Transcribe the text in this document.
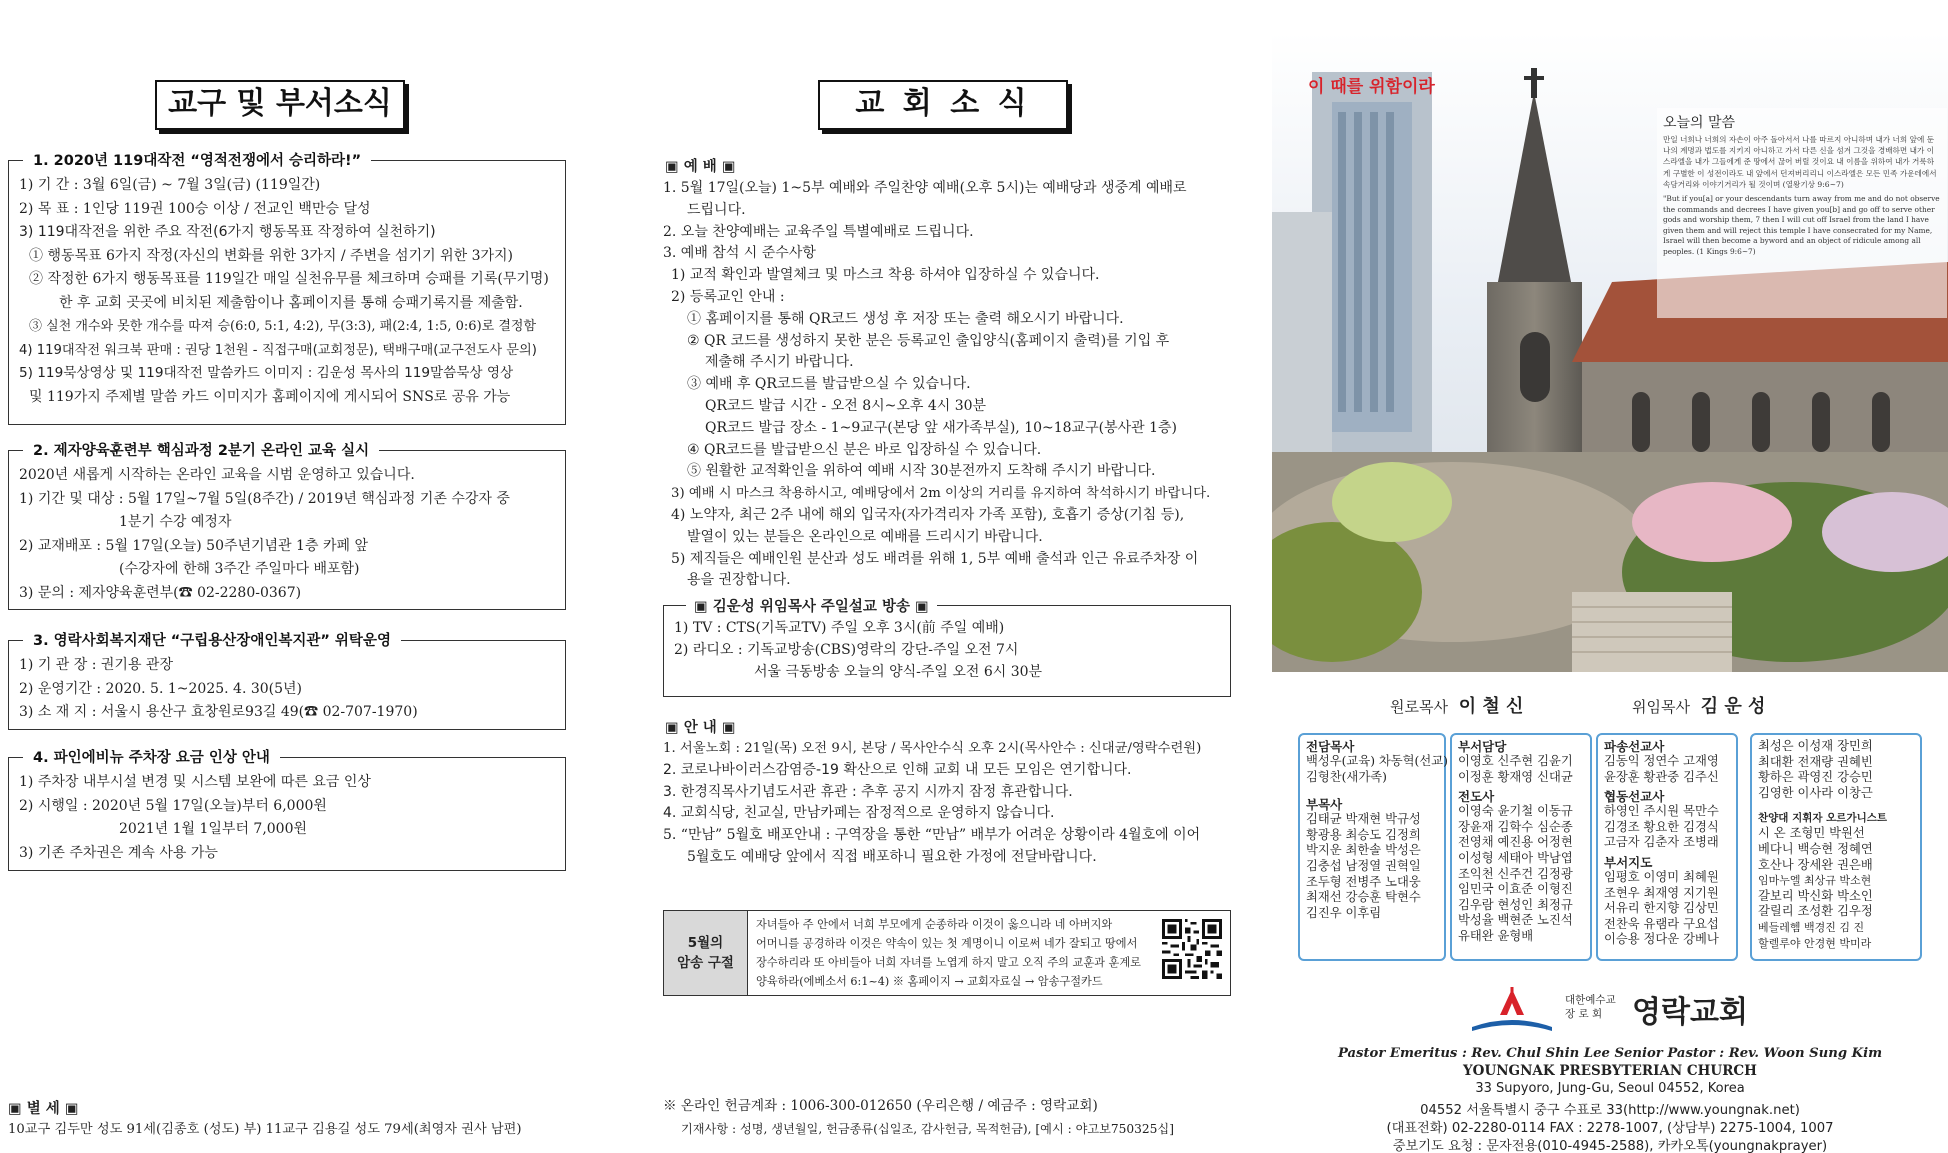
교구 및 부서소식
1. 2020년 119대작전 “영적전쟁에서 승리하라!”
1) 기 간 : 3월 6일(금) ~ 7월 3일(금) (119일간)
2) 목 표 : 1인당 119권 100승 이상 / 전교인 백만승 달성
3) 119대작전을 위한 주요 작전(6가지 행동목표 작정하여 실천하기)
① 행동목표 6가지 작정(자신의 변화를 위한 3가지 / 주변을 섬기기 위한 3가지)
② 작정한 6가지 행동목표를 119일간 매일 실천유무를 체크하며 승패를 기록(무기명)
한 후 교회 곳곳에 비치된 제출함이나 홈페이지를 통해 승패기록지를 제출함.
③ 실천 개수와 못한 개수를 따져 승(6:0, 5:1, 4:2), 무(3:3), 패(2:4, 1:5, 0:6)로 결정함
4) 119대작전 워크북 판매 : 권당 1천원 - 직접구매(교회정문), 택배구매(교구전도사 문의)
5) 119묵상영상 및 119대작전 말씀카드 이미지 : 김운성 목사의 119말씀묵상 영상
및 119가지 주제별 말씀 카드 이미지가 홈페이지에 게시되어 SNS로 공유 가능
2. 제자양육훈련부 핵심과정 2분기 온라인 교육 실시
2020년 새롭게 시작하는 온라인 교육을 시범 운영하고 있습니다.
1) 기간 및 대상 : 5월 17일~7월 5일(8주간) / 2019년 핵심과정 기존 수강자 중
1분기 수강 예정자
2) 교재배포 : 5월 17일(오늘) 50주년기념관 1층 카페 앞
(수강자에 한해 3주간 주일마다 배포함)
3) 문의 : 제자양육훈련부(☎ 02-2280-0367)
3. 영락사회복지재단 “구립용산장애인복지관” 위탁운영
1) 기 관 장 : 권기용 관장
2) 운영기간 : 2020. 5. 1~2025. 4. 30(5년)
3) 소 재 지 : 서울시 용산구 효창원로93길 49(☎ 02-707-1970)
4. 파인에비뉴 주차장 요금 인상 안내
1) 주차장 내부시설 변경 및 시스템 보완에 따른 요금 인상
2) 시행일 : 2020년 5월 17일(오늘)부터 6,000원
2021년 1월 1일부터 7,000원
3) 기존 주차권은 계속 사용 가능
▣ 별 세 ▣
10교구 김두만 성도 91세(김종호 (성도) 부) 11교구 김용길 성도 79세(최영자 권사 남편)
교 회 소 식
▣ 예 배 ▣
1. 5월 17일(오늘) 1~5부 예배와 주일찬양 예배(오후 5시)는 예배당과 생중계 예배로
드립니다.
2. 오늘 찬양예배는 교육주일 특별예배로 드립니다.
3. 예배 참석 시 준수사항
1) 교적 확인과 발열체크 및 마스크 착용 하셔야 입장하실 수 있습니다.
2) 등록교인 안내 :
① 홈페이지를 통해 QR코드 생성 후 저장 또는 출력 해오시기 바랍니다.
② QR 코드를 생성하지 못한 분은 등록교인 출입양식(홈페이지 출력)를 기입 후
제출해 주시기 바랍니다.
③ 예배 후 QR코드를 발급받으실 수 있습니다.
QR코드 발급 시간 - 오전 8시~오후 4시 30분
QR코드 발급 장소 - 1~9교구(본당 앞 새가족부실), 10~18교구(봉사관 1층)
④ QR코드를 발급받으신 분은 바로 입장하실 수 있습니다.
⑤ 원활한 교적확인을 위하여 예배 시작 30분전까지 도착해 주시기 바랍니다.
3) 예배 시 마스크 착용하시고, 예배당에서 2m 이상의 거리를 유지하여 착석하시기 바랍니다.
4) 노약자, 최근 2주 내에 해외 입국자(자가격리자 가족 포함), 호흡기 증상(기침 등),
발열이 있는 분들은 온라인으로 예배를 드리시기 바랍니다.
5) 제직들은 예배인원 분산과 성도 배려를 위해 1, 5부 예배 출석과 인근 유료주차장 이
용을 권장합니다.
▣ 김운성 위임목사 주일설교 방송 ▣
1) TV : CTS(기독교TV) 주일 오후 3시(前 주일 예배)
2) 라디오 : 기독교방송(CBS)영락의 강단-주일 오전 7시
서울 극동방송 오늘의 양식-주일 오전 6시 30분
▣ 안 내 ▣
1. 서울노회 : 21일(목) 오전 9시, 본당 / 목사안수식 오후 2시(목사안수 : 신대균/영락수련원)
2. 코로나바이러스감염증-19 확산으로 인해 교회 내 모든 모임은 연기합니다.
3. 한경직목사기념도서관 휴관 : 추후 공지 시까지 잠정 휴관합니다.
4. 교회식당, 친교실, 만남카페는 잠정적으로 운영하지 않습니다.
5. “만남” 5월호 배포안내 : 구역장을 통한 “만남” 배부가 어려운 상황이라 4월호에 이어
5월호도 예배당 앞에서 직접 배포하니 필요한 가정에 전달바랍니다.
5월의
암송 구절
자녀들아 주 안에서 너희 부모에게 순종하라 이것이 옳으니라 네 아버지와
어머니를 공경하라 이것은 약속이 있는 첫 계명이니 이로써 네가 잘되고 땅에서
장수하리라 또 아비들아 너희 자녀를 노엽게 하지 말고 오직 주의 교훈과 훈계로
양육하라(에베소서 6:1~4) ※ 홈페이지 → 교회자료실 → 암송구절카드
※ 온라인 헌금계좌 : 1006-300-012650 (우리은행 / 예금주 : 영락교회)
기재사항 : 성명, 생년월일, 헌금종류(십일조, 감사헌금, 목적헌금), [예시 : 야고보750325십]
이 때를 위함이라
오늘의 말씀
만일 너희나 너희의 자손이 아주 돌아서서 나를 따르지 아니하며 내가 너희 앞에 둔 나의 계명과 법도를 지키지 아니하고 가서 다른 신을 섬겨 그것을 경배하면 내가 이스라엘을 내가 그들에게 준 땅에서 끊어 버릴 것이요 내 이름을 위하여 내가 거룩하게 구별한 이 성전이라도 내 앞에서 던져버리리니 이스라엘은 모든 민족 가운데에서 속담거리와 이야기거리가 될 것이며 (열왕기상 9:6~7)
"But if you[a] or your descendants turn away from me and do not observe the commands and decrees I have given you[b] and go off to serve other gods and worship them, 7 then I will cut off Israel from the land I have given them and will reject this temple I have consecrated for my Name, Israel will then become a byword and an object of ridicule among all peoples. (1 Kings 9:6~7)
원로목사 이 철 신	위임목사 김 운 성
전담목사
백성우(교육) 차동혁(선교)
김형찬(새가족)
부목사
김태균 박재현 박규성
황광용 최승도 김정희
박지운 최한솔 박성은
김충섭 남정열 권혁일
조두형 전병주 노대웅
최재선 강승훈 탁현수
김진우 이후림
부서담당
이영호 신주현 김윤기
이정훈 황재영 신대균
전도사
이영숙 윤기철 이동규
장윤재 김학수 심순종
전영채 예진용 어정현
이성형 세태아 박남엽
조익천 신주건 김정광
임민국 이효준 이형진
김우람 현성인 최정규
박성율 백현준 노진석
유태완 윤형배
파송선교사
김동익 정연수 고재영
윤장훈 황관중 김주신
협동선교사
하영인 주시원 목만수
김경조 황요한 김경식
고금자 김춘자 조병래
부서지도
임평호 이영미 최혜원
조현우 최재영 지기원
서유리 한지향 김상민
전찬욱 유램라 구요섭
이승용 정다운 강베나
최성은 이성재 장민희
최대환 전재량 권혜빈
황하은 곽영진 강승민
김영한 이사라 이창근
찬양대 지휘자 오르가니스트
시 온 조형민 박원선
베다니 백승현 정혜연
호산나 장세완 권은배
임마누엘 최상규 박소현
갈보리 박신화 박소인
갈릴리 조성환 김우정
베들레헴 백경진 김 진
할렐루야 안경현 박미라
대한예수교
장 로 회 영락교회
Pastor Emeritus : Rev. Chul Shin Lee Senior Pastor : Rev. Woon Sung Kim
YOUNGNAK PRESBYTERIAN CHURCH
33 Supyoro, Jung-Gu, Seoul 04552, Korea
04552 서울특별시 중구 수표로 33(http://www.youngnak.net)
(대표전화) 02-2280-0114 FAX : 2278-1007, (상담부) 2275-1004, 1007
중보기도 요청 : 문자전용(010-4945-2588), 카카오톡(youngnakprayer)
